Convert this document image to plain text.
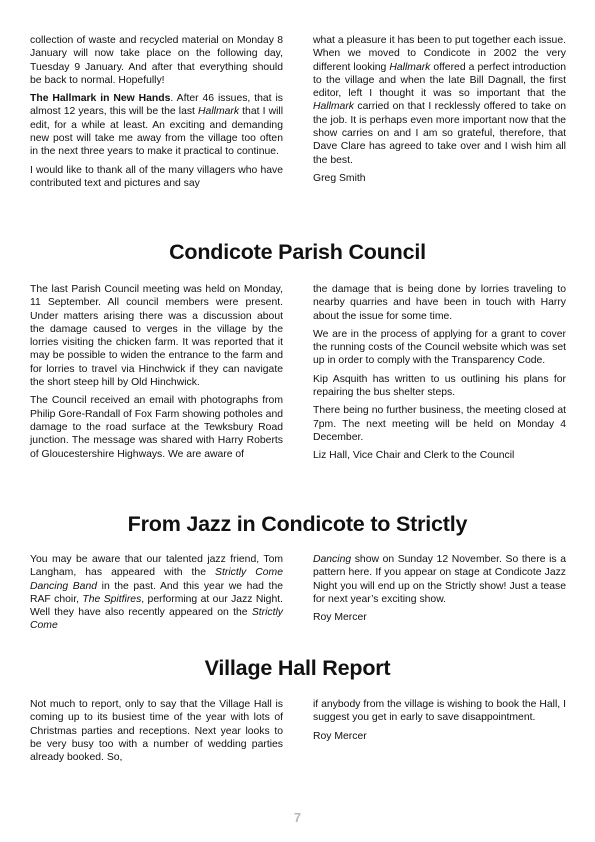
collection of waste and recycled material on Monday 8 January will now take place on the following day, Tuesday 9 January. And after that everything should be back to normal. Hopefully!

The Hallmark in New Hands. After 46 issues, that is almost 12 years, this will be the last Hallmark that I will edit, for a while at least. An exciting and demanding new post will take me away from the village too often in the next three years to make it practical to continue.

I would like to thank all of the many villagers who have contributed text and pictures and say

what a pleasure it has been to put together each issue. When we moved to Condicote in 2002 the very different looking Hallmark offered a perfect introduction to the village and when the late Bill Dagnall, the first editor, left I thought it was so important that the Hallmark carried on that I recklessly offered to take on the job. It is perhaps even more important now that the show carries on and I am so grateful, therefore, that Dave Clare has agreed to take over and I wish him all the best.

Greg Smith

Condicote Parish Council

The last Parish Council meeting was held on Monday, 11 September. All council members were present. Under matters arising there was a discussion about the damage caused to verges in the village by the lorries visiting the chicken farm. It was reported that it may be possible to widen the entrance to the farm and for lorries to travel via Hinchwick if they can navigate the short steep hill by Old Hinchwick.

The Council received an email with photographs from Philip Gore-Randall of Fox Farm showing potholes and damage to the road surface at the Tewksbury Road junction. The message was shared with Harry Roberts of Gloucestershire Highways. We are aware of

the damage that is being done by lorries traveling to nearby quarries and have been in touch with Harry about the issue for some time.

We are in the process of applying for a grant to cover the running costs of the Council website which was set up in order to comply with the Transparency Code.

Kip Asquith has written to us outlining his plans for repairing the bus shelter steps.

There being no further business, the meeting closed at 7pm. The next meeting will be held on Monday 4 December.

Liz Hall, Vice Chair and Clerk to the Council

From Jazz in Condicote to Strictly

You may be aware that our talented jazz friend, Tom Langham, has appeared with the Strictly Come Dancing Band in the past. And this year we had the RAF choir, The Spitfires, performing at our Jazz Night. Well they have also recently appeared on the Strictly Come

Dancing show on Sunday 12 November. So there is a pattern here. If you appear on stage at Condicote Jazz Night you will end up on the Strictly show! Just a tease for next year’s exciting show.

Roy Mercer

Village Hall Report

Not much to report, only to say that the Village Hall is coming up to its busiest time of the year with lots of Christmas parties and receptions. Next year looks to be very busy too with a number of wedding parties already booked. So,

if anybody from the village is wishing to book the Hall, I suggest you get in early to save disappointment.

Roy Mercer

7
